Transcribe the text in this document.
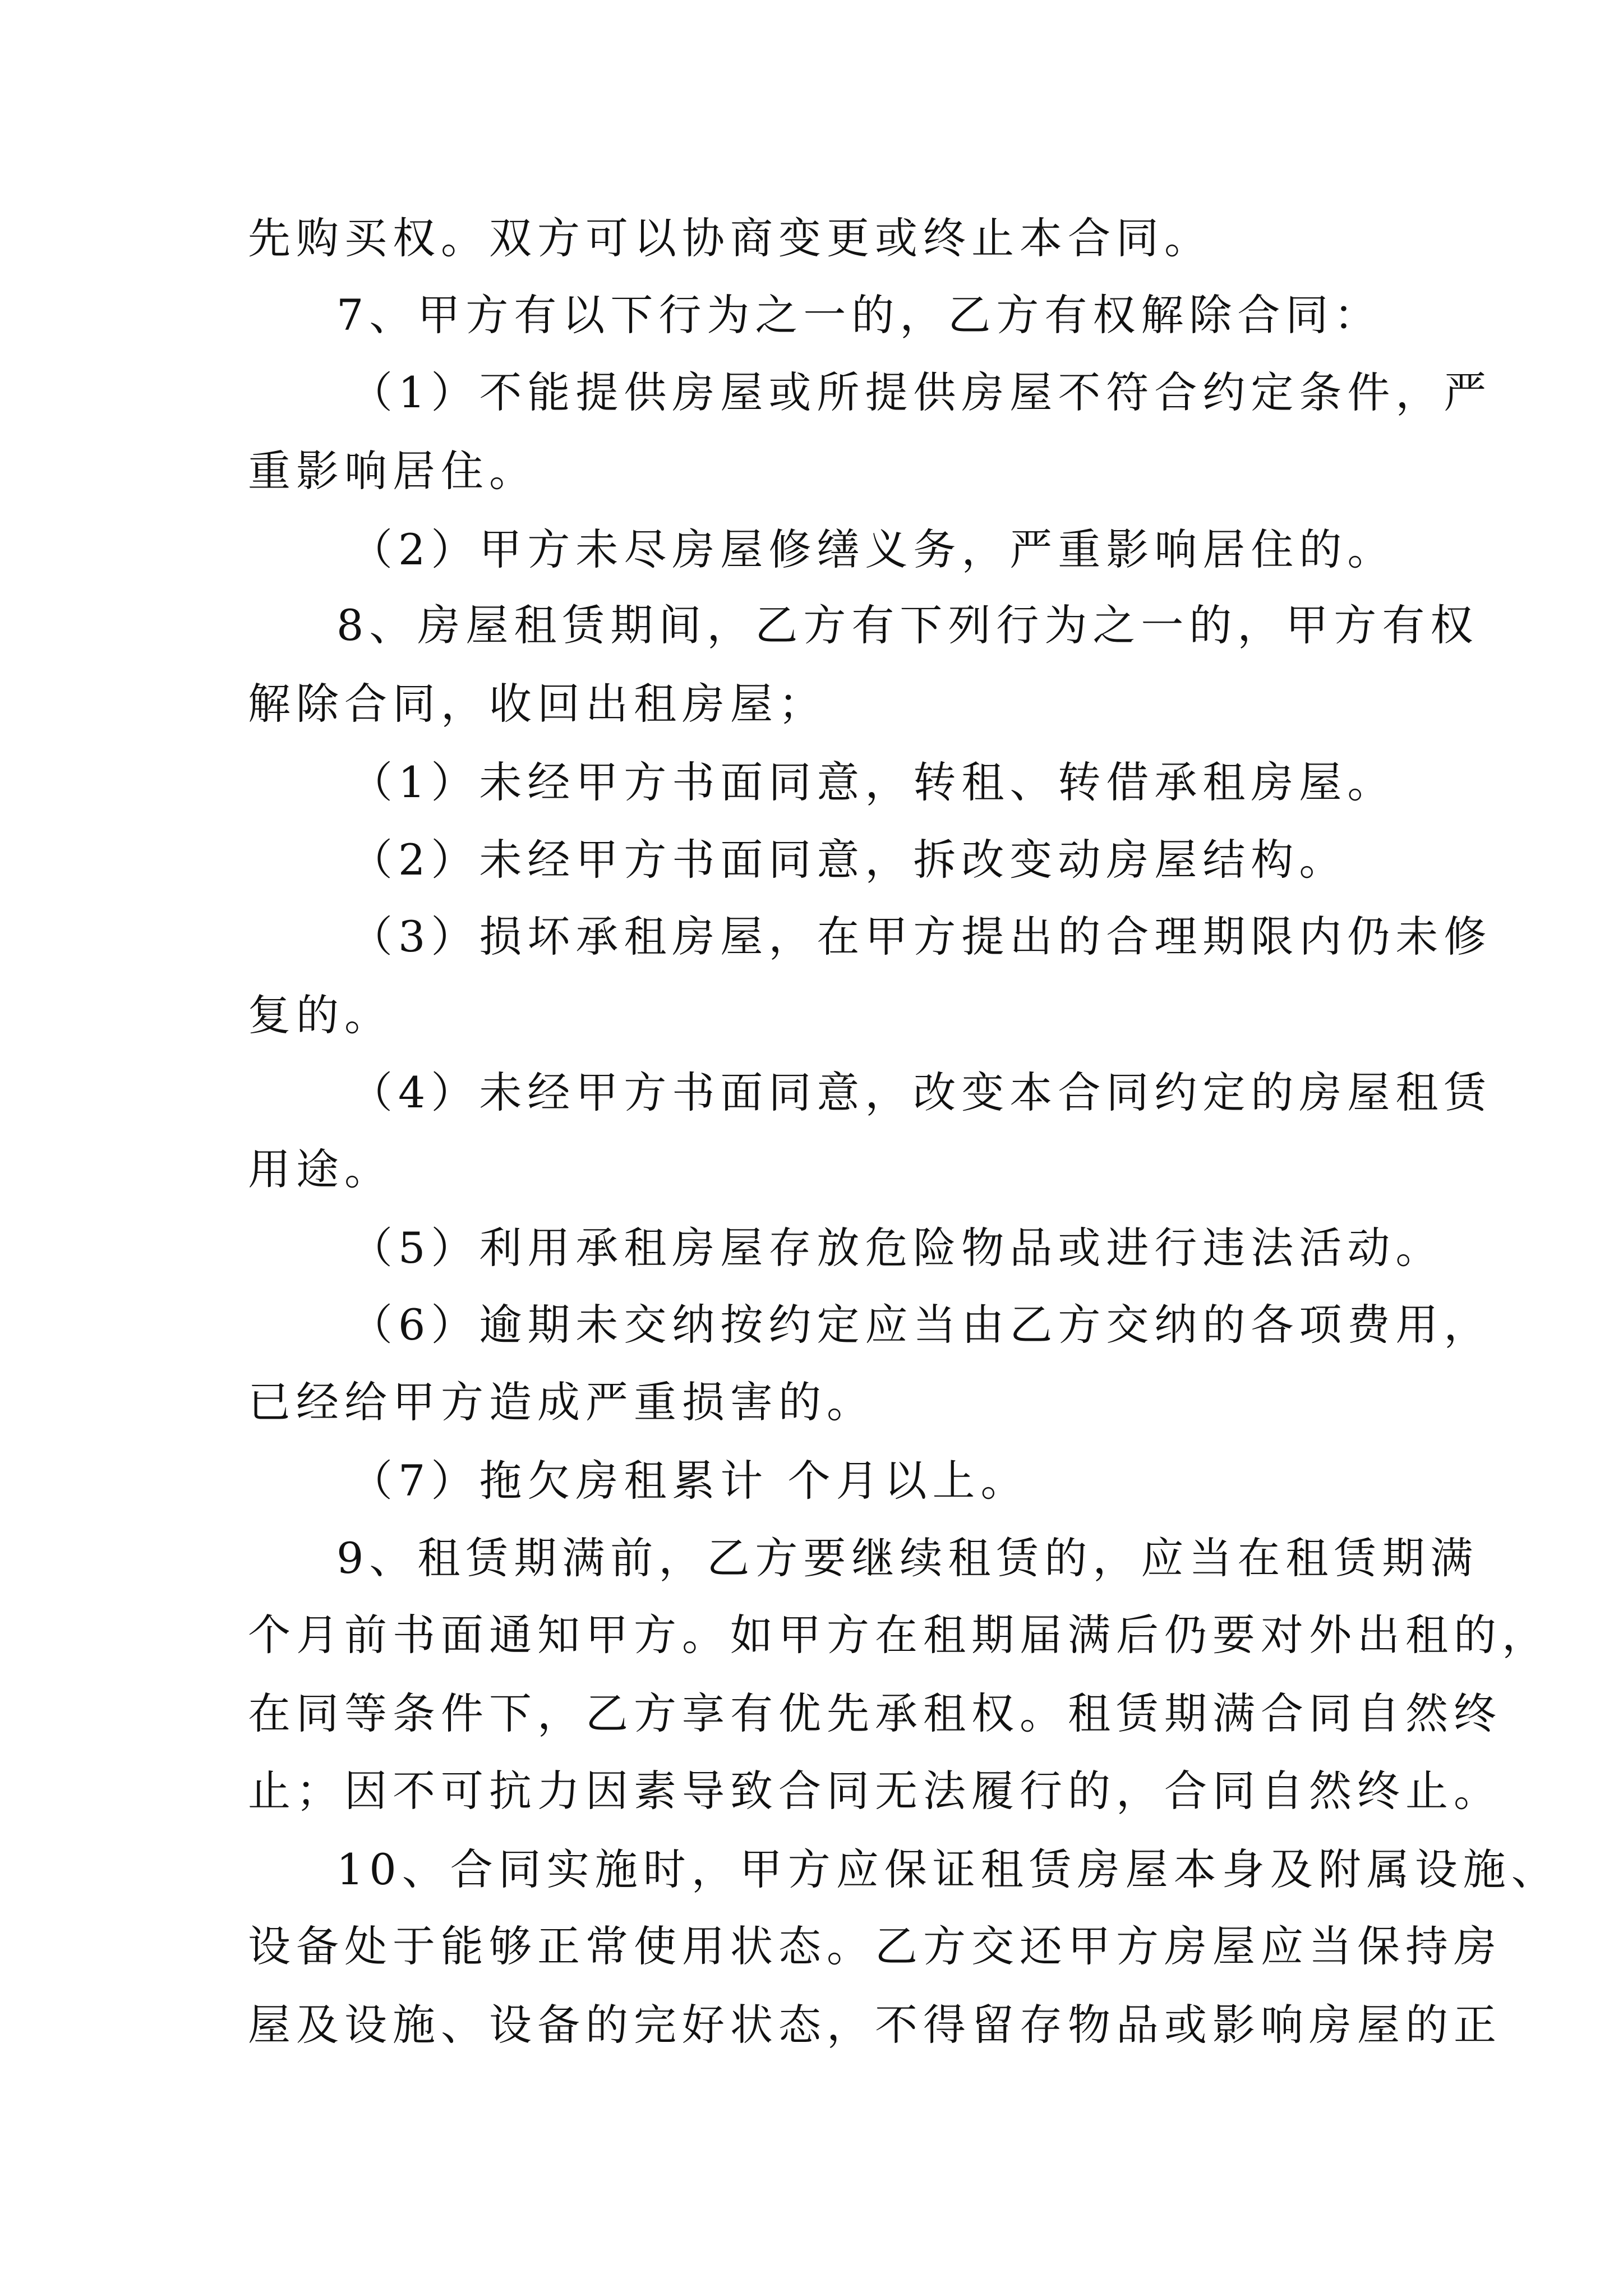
先购买权。双方可以协商变更或终止本合同。
7、甲方有以下行为之一的，乙方有权解除合同：
（1）不能提供房屋或所提供房屋不符合约定条件，严
重影响居住。
（2）甲方未尽房屋修缮义务，严重影响居住的。
8、房屋租赁期间，乙方有下列行为之一的，甲方有权
解除合同，收回出租房屋；
（1）未经甲方书面同意，转租、转借承租房屋。
（2）未经甲方书面同意，拆改变动房屋结构。
（3）损坏承租房屋，在甲方提出的合理期限内仍未修
复的。
（4）未经甲方书面同意，改变本合同约定的房屋租赁
用途。
（5）利用承租房屋存放危险物品或进行违法活动。
（6）逾期未交纳按约定应当由乙方交纳的各项费用，
已经给甲方造成严重损害的。
（7）拖欠房租累计 个月以上。
9、租赁期满前，乙方要继续租赁的，应当在租赁期满
个月前书面通知甲方。如甲方在租期届满后仍要对外出租的，
在同等条件下，乙方享有优先承租权。租赁期满合同自然终
止；因不可抗力因素导致合同无法履行的，合同自然终止。
10、合同实施时，甲方应保证租赁房屋本身及附属设施、
设备处于能够正常使用状态。乙方交还甲方房屋应当保持房
屋及设施、设备的完好状态，不得留存物品或影响房屋的正
